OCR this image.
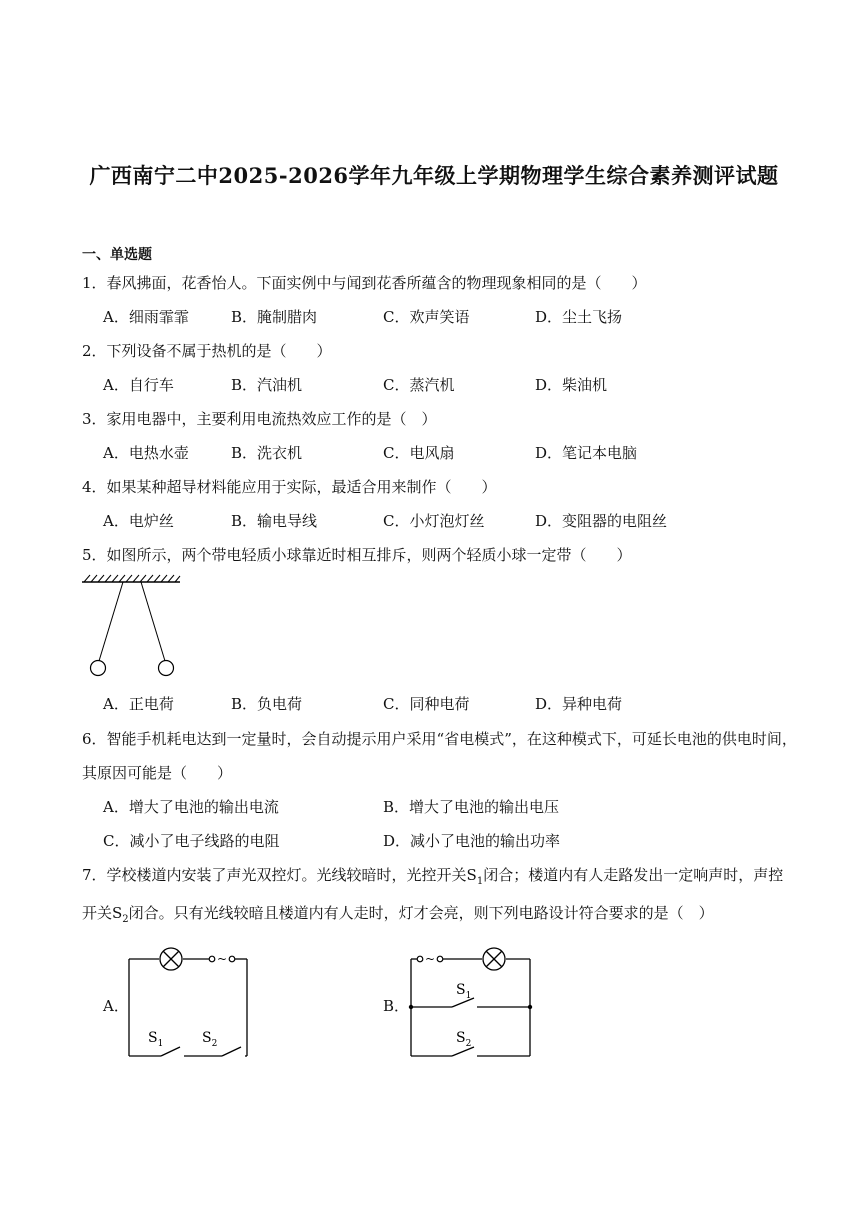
广西南宁二中2025-2026学年九年级上学期物理学生综合素养测评试题
一、单选题
1．春风拂面，花香怡人。下面实例中与闻到花香所蕴含的物理现象相同的是（　　）
A．细雨霏霏	B．腌制腊肉	C．欢声笑语	D．尘土飞扬
2．下列设备不属于热机的是（　　）
A．自行车	B．汽油机	C．蒸汽机	D．柴油机
3．家用电器中，主要利用电流热效应工作的是（　）
A．电热水壶	B．洗衣机	C．电风扇	D．笔记本电脑
4．如果某种超导材料能应用于实际，最适合用来制作（　　）
A．电炉丝	B．输电导线	C．小灯泡灯丝	D．变阻器的电阻丝
5．如图所示，两个带电轻质小球靠近时相互排斥，则两个轻质小球一定带（　　）
A．正电荷	B．负电荷	C．同种电荷	D．异种电荷
6．智能手机耗电达到一定量时，会自动提示用户采用“省电模式”，在这种模式下，可延长电池的供电时间，
其原因可能是（　　）
A．增大了电池的输出电流	B．增大了电池的输出电压
C．减小了电子线路的电阻	D．减小了电池的输出功率
7．学校楼道内安装了声光双控灯。光线较暗时，光控开关$S_1$闭合；楼道内有人走路发出一定响声时，声控
开关$S_2$闭合。只有光线较暗且楼道内有人走时，灯才会亮，则下列电路设计符合要求的是（　）
A．
~
$S_1$	$S_2$
B．
~
$S_1$
$S_2$
